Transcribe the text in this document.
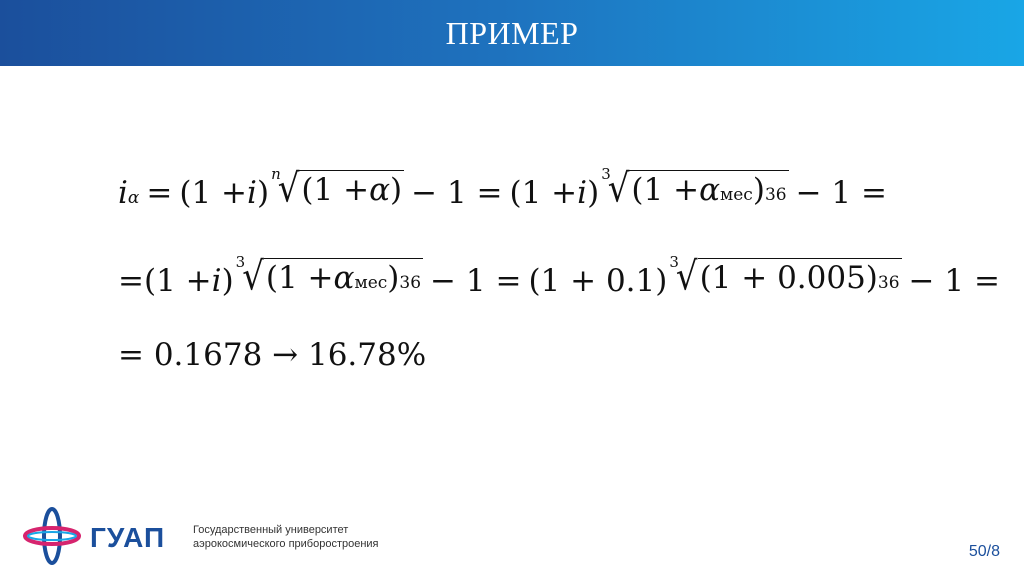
ПРИМЕР
i α = (1 + i )
n
√ (1 + α ) − 1 = (1 + i )
3
√ (1 + α мес ) 36 − 1 =
= (1 + i )
3
√ (1 + α мес ) 36 − 1 = (1 + 0.1)
3
√ (1 + 0.005) 36 − 1 =
= 0.1678 → 16.78%
ГУАП	Государственный университет
аэрокосмического приборостроения	50/8
